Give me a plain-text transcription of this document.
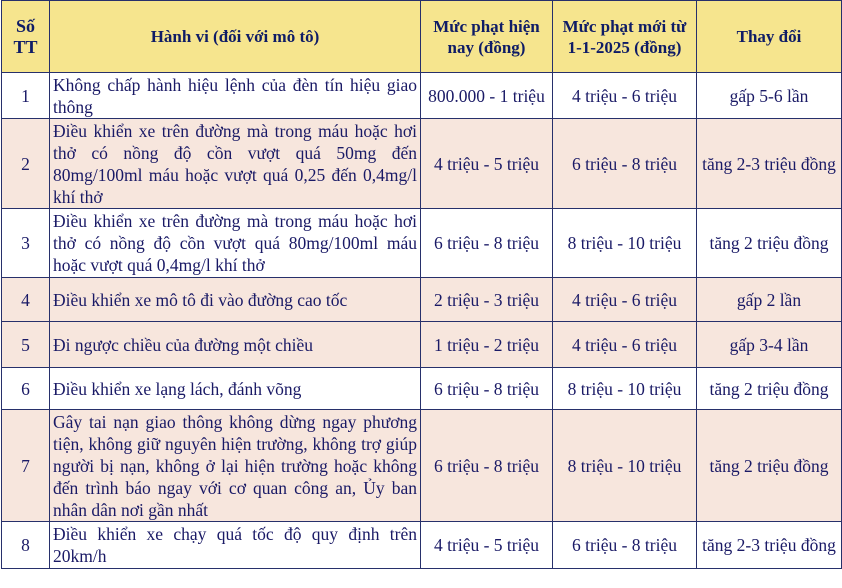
Số TT	Hành vi (đối với mô tô)	Mức phạt hiện nay (đồng)	Mức phạt mới từ 1-1-2025 (đồng)	Thay đổi
1	Không chấp hành hiệu lệnh của đèn tín hiệu giao thông	800.000 - 1 triệu	4 triệu - 6 triệu	gấp 5-6 lần
2	Điều khiển xe trên đường mà trong máu hoặc hơi thở có nồng độ cồn vượt quá 50mg đến 80mg/100ml máu hoặc vượt quá 0,25 đến 0,4mg/l khí thở	4 triệu - 5 triệu	6 triệu - 8 triệu	tăng 2-3 triệu đồng
3	Điều khiển xe trên đường mà trong máu hoặc hơi thở có nồng độ cồn vượt quá 80mg/100ml máu hoặc vượt quá 0,4mg/l khí thở	6 triệu - 8 triệu	8 triệu - 10 triệu	tăng 2 triệu đồng
4	Điều khiển xe mô tô đi vào đường cao tốc	2 triệu - 3 triệu	4 triệu - 6 triệu	gấp 2 lần
5	Đi ngược chiều của đường một chiều	1 triệu - 2 triệu	4 triệu - 6 triệu	gấp 3-4 lần
6	Điều khiển xe lạng lách, đánh võng	6 triệu - 8 triệu	8 triệu - 10 triệu	tăng 2 triệu đồng
7	Gây tai nạn giao thông không dừng ngay phương tiện, không giữ nguyên hiện trường, không trợ giúp người bị nạn, không ở lại hiện trường hoặc không đến trình báo ngay với cơ quan công an, Ủy ban nhân dân nơi gần nhất	6 triệu - 8 triệu	8 triệu - 10 triệu	tăng 2 triệu đồng
8	Điều khiển xe chạy quá tốc độ quy định trên 20km/h	4 triệu - 5 triệu	6 triệu - 8 triệu	tăng 2-3 triệu đồng
